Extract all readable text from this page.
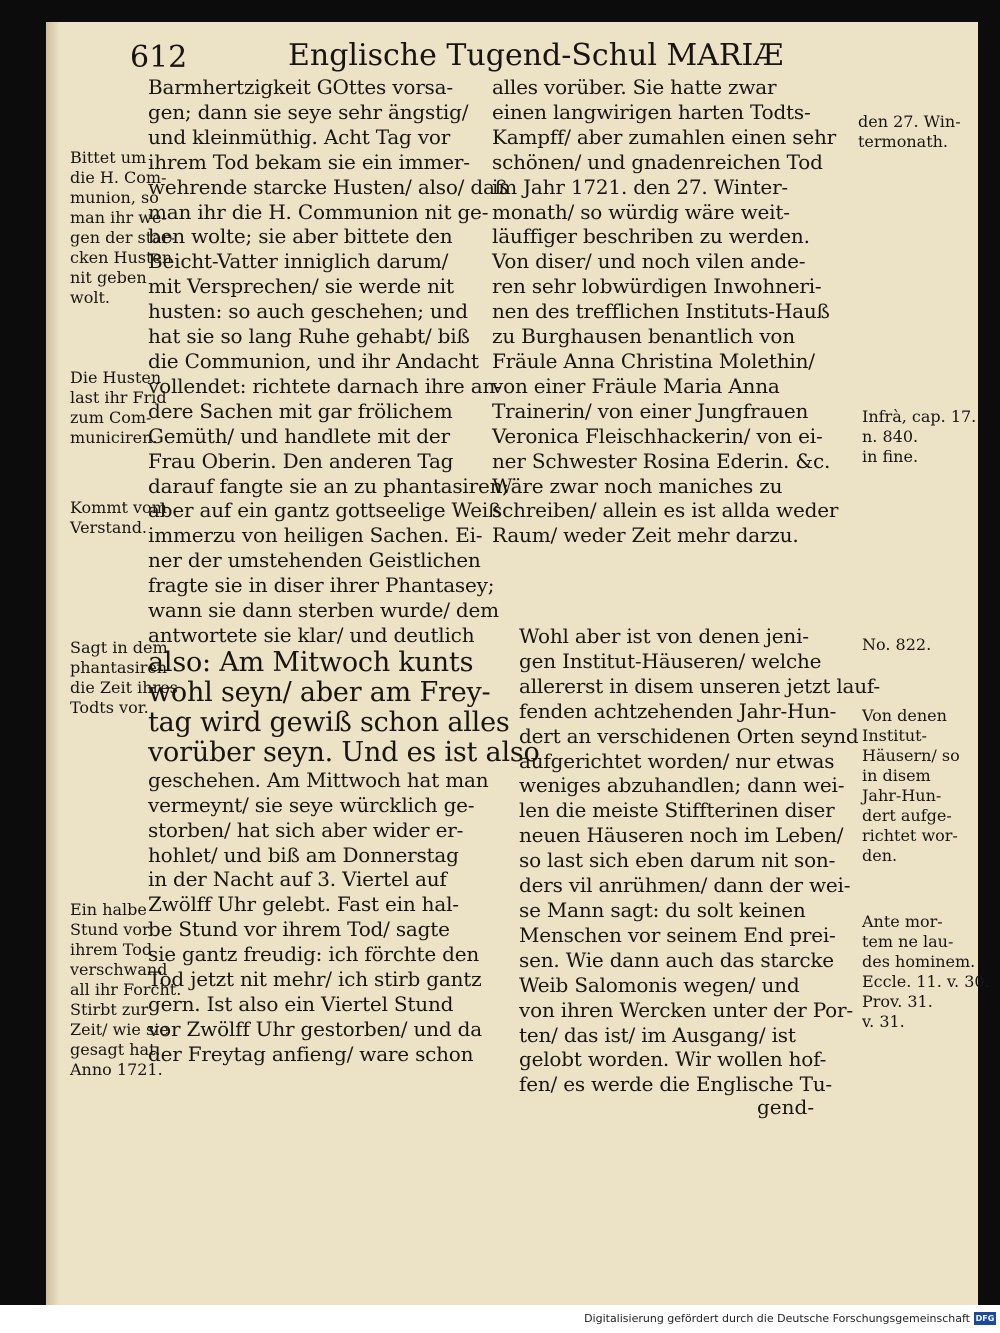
612	Englische Tugend-Schul MARIÆ
Barmhertzigkeit GOttes vorsa-
gen; dann sie seye sehr ängstig/
und kleinmüthig. Acht Tag vor
ihrem Tod bekam sie ein immer-
wehrende starcke Husten/ also/ daß
man ihr die H. Communion nit ge-
ben wolte; sie aber bittete den
Beicht-Vatter inniglich darum/
mit Versprechen/ sie werde nit
husten: so auch geschehen; und
hat sie so lang Ruhe gehabt/ biß
die Communion, und ihr Andacht
vollendet: richtete darnach ihre an-
dere Sachen mit gar frölichem
Gemüth/ und handlete mit der
Frau Oberin. Den anderen Tag
darauf fangte sie an zu phantasiren;
aber auf ein gantz gottseelige Weiß
immerzu von heiligen Sachen. Ei-
ner der umstehenden Geistlichen
fragte sie in diser ihrer Phantasey;
wann sie dann sterben wurde/ dem
antwortete sie klar/ und deutlich
also: Am Mitwoch kunts
wohl seyn/ aber am Frey-
tag wird gewiß schon alles
vorüber seyn. Und es ist also
geschehen. Am Mittwoch hat man
vermeynt/ sie seye würcklich ge-
storben/ hat sich aber wider er-
hohlet/ und biß am Donnerstag
in der Nacht auf 3. Viertel auf
Zwölff Uhr gelebt. Fast ein hal-
be Stund vor ihrem Tod/ sagte
sie gantz freudig: ich förchte den
Tod jetzt nit mehr/ ich stirb gantz
gern. Ist also ein Viertel Stund
vor Zwölff Uhr gestorben/ und da
der Freytag anfieng/ ware schon
alles vorüber. Sie hatte zwar
einen langwirigen harten Todts-
Kampff/ aber zumahlen einen sehr
schönen/ und gnadenreichen Tod
im Jahr 1721. den 27. Winter-
monath/ so würdig wäre weit-
läuffiger beschriben zu werden.
Von diser/ und noch vilen ande-
ren sehr lobwürdigen Inwohneri-
nen des trefflichen Instituts-Hauß
zu Burghausen benantlich von
Fräule Anna Christina Molethin/
von einer Fräule Maria Anna
Trainerin/ von einer Jungfrauen
Veronica Fleischhackerin/ von ei-
ner Schwester Rosina Ederin. &c.
Wäre zwar noch maniches zu
schreiben/ allein es ist allda weder
Raum/ weder Zeit mehr darzu.
Wohl aber ist von denen jeni-
gen Institut-Häuseren/ welche
allererst in disem unseren jetzt lauf-
fenden achtzehenden Jahr-Hun-
dert an verschidenen Orten seynd
aufgerichtet worden/ nur etwas
weniges abzuhandlen; dann wei-
len die meiste Stiffterinen diser
neuen Häuseren noch im Leben/
so last sich eben darum nit son-
ders vil anrühmen/ dann der wei-
se Mann sagt: du solt keinen
Menschen vor seinem End prei-
sen. Wie dann auch das starcke
Weib Salomonis wegen/ und
von ihren Wercken unter der Por-
ten/ das ist/ im Ausgang/ ist
gelobt worden. Wir wollen hof-
fen/ es werde die Englische Tu-
gend-
Bittet um
die H. Com-
munion, so
man ihr we-
gen der star-
cken Husten
nit geben
wolt.
Die Husten
last ihr Frid
zum Com-
municiren.
Kommt vom
Verstand.
Sagt in dem
phantasiren
die Zeit ihres
Todts vor.
Ein halbe
Stund vor
ihrem Tod
verschwand
all ihr Forcht.
Stirbt zur
Zeit/ wie sie
gesagt hat.
Anno 1721.
den 27. Win-
termonath.
Infrà, cap. 17.
n. 840.
in fine.
No. 822.
Von denen
Institut-
Häusern/ so
in disem
Jahr-Hun-
dert aufge-
richtet wor-
den.
Ante mor-
tem ne lau-
des hominem.
Eccle. 11. v. 30.
Prov. 31.
v. 31.
Digitalisierung gefördert durch die Deutsche Forschungsgemeinschaft DFG
